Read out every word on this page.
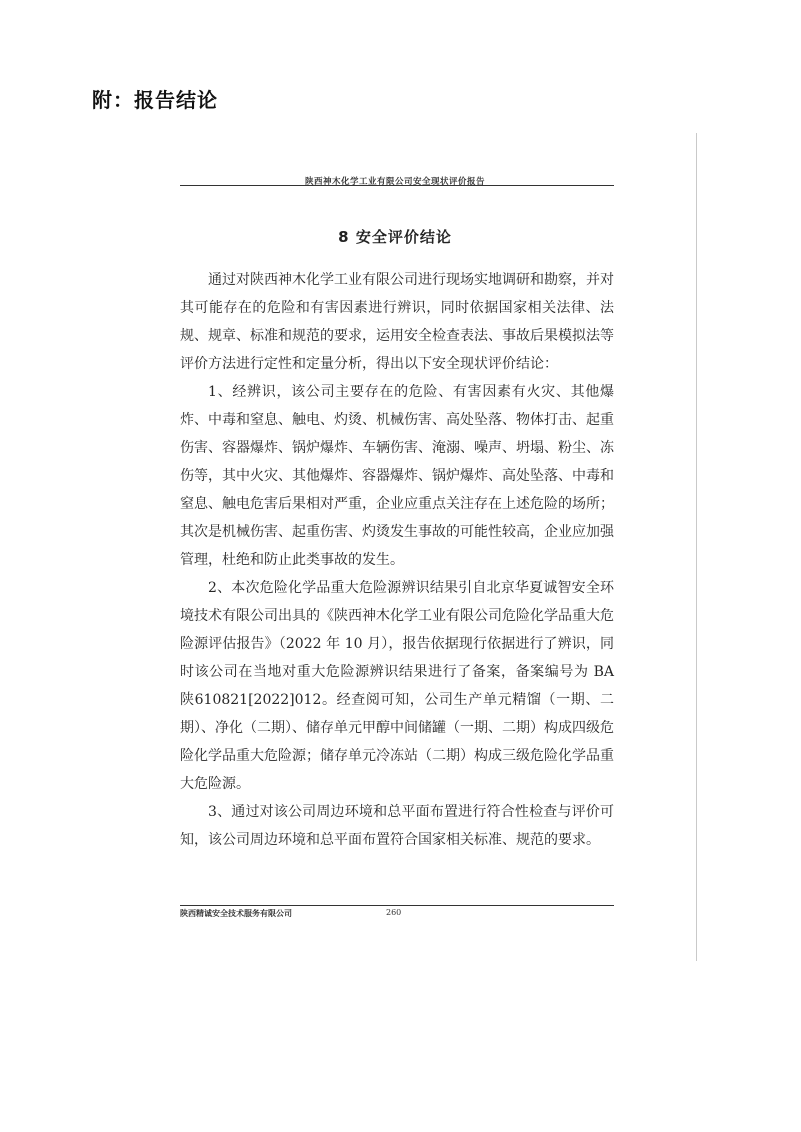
附：报告结论
陕西神木化学工业有限公司安全现状评价报告
8 安全评价结论

通过对陕西神木化学工业有限公司进行现场实地调研和勘察，并对其可能存在的危险和有害因素进行辨识，同时依据国家相关法律、法规、规章、标准和规范的要求，运用安全检查表法、事故后果模拟法等评价方法进行定性和定量分析，得出以下安全现状评价结论：

1、经辨识，该公司主要存在的危险、有害因素有火灾、其他爆炸、中毒和窒息、触电、灼烫、机械伤害、高处坠落、物体打击、起重伤害、容器爆炸、锅炉爆炸、车辆伤害、淹溺、噪声、坍塌、粉尘、冻伤等，其中火灾、其他爆炸、容器爆炸、锅炉爆炸、高处坠落、中毒和窒息、触电危害后果相对严重，企业应重点关注存在上述危险的场所；其次是机械伤害、起重伤害、灼烫发生事故的可能性较高，企业应加强管理，杜绝和防止此类事故的发生。

2、本次危险化学品重大危险源辨识结果引自北京华夏诚智安全环境技术有限公司出具的《陕西神木化学工业有限公司危险化学品重大危险源评估报告》（2022 年 10 月），报告依据现行依据进行了辨识，同时该公司在当地对重大危险源辨识结果进行了备案，备案编号为 BA 陕610821[2022]012。经查阅可知，公司生产单元精馏（一期、二期）、净化（二期）、储存单元甲醇中间储罐（一期、二期）构成四级危险化学品重大危险源；储存单元冷冻站（二期）构成三级危险化学品重大危险源。

3、通过对该公司周边环境和总平面布置进行符合性检查与评价可知，该公司周边环境和总平面布置符合国家相关标准、规范的要求。

陕西精诚安全技术服务有限公司	260
